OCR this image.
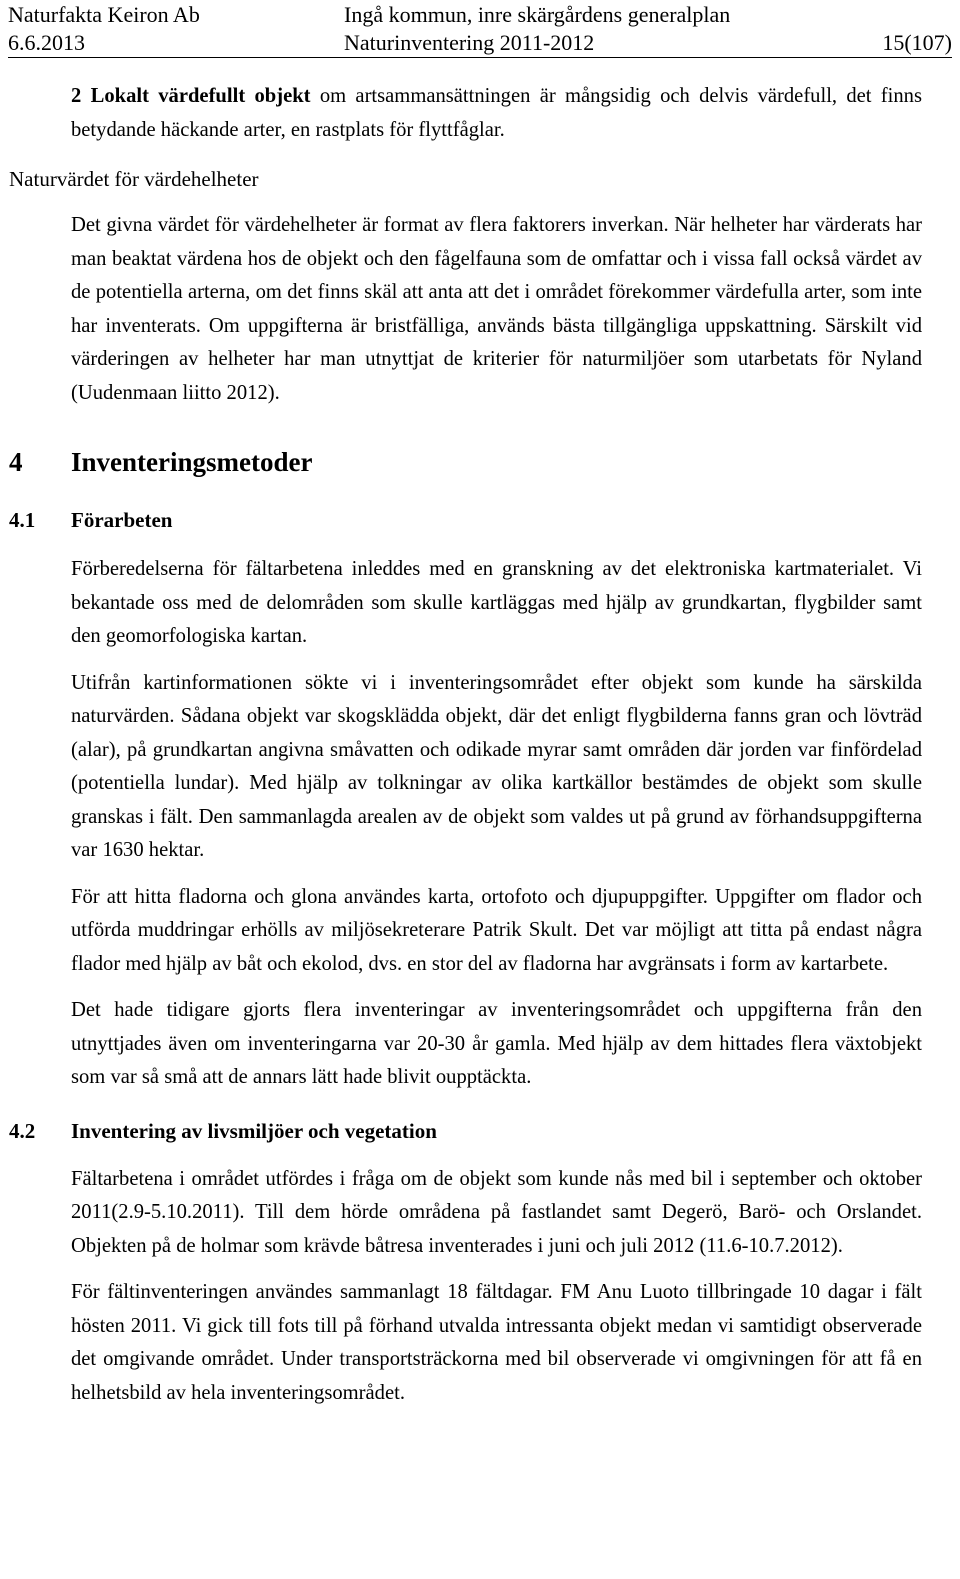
Naturfakta Keiron Ab
6.6.2013
Ingå kommun, inre skärgårdens generalplan
Naturinventering 2011-2012	15(107)

2 Lokalt värdefullt objekt om artsammansättningen är mångsidig och delvis värdefull, det finns betydande häckande arter, en rastplats för flyttfåglar.

Naturvärdet för värdehelheter

Det givna värdet för värdehelheter är format av flera faktorers inverkan. När helheter har värderats har man beaktat värdena hos de objekt och den fågelfauna som de omfattar och i vissa fall också värdet av de potentiella arterna, om det finns skäl att anta att det i området förekommer värdefulla arter, som inte har inventerats. Om uppgifterna är bristfälliga, används bästa tillgängliga uppskattning. Särskilt vid värderingen av helheter har man utnyttjat de kriterier för naturmiljöer som utarbetats för Nyland (Uudenmaan liitto 2012).

4 Inventeringsmetoder
4.1 Förarbeten

Förberedelserna för fältarbetena inleddes med en granskning av det elektroniska kartmaterialet. Vi bekantade oss med de delområden som skulle kartläggas med hjälp av grundkartan, flygbilder samt den geomorfologiska kartan.

Utifrån kartinformationen sökte vi i inventeringsområdet efter objekt som kunde ha särskilda naturvärden. Sådana objekt var skogsklädda objekt, där det enligt flygbilderna fanns gran och lövträd (alar), på grundkartan angivna småvatten och odikade myrar samt områden där jorden var finfördelad (potentiella lundar). Med hjälp av tolkningar av olika kartkällor bestämdes de objekt som skulle granskas i fält. Den sammanlagda arealen av de objekt som valdes ut på grund av förhandsuppgifterna var 1630 hektar.

För att hitta fladorna och glona användes karta, ortofoto och djupuppgifter. Uppgifter om flador och utförda muddringar erhölls av miljösekreterare Patrik Skult. Det var möjligt att titta på endast några flador med hjälp av båt och ekolod, dvs. en stor del av fladorna har avgränsats i form av kartarbete.

Det hade tidigare gjorts flera inventeringar av inventeringsområdet och uppgifterna från den utnyttjades även om inventeringarna var 20-30 år gamla. Med hjälp av dem hittades flera växtobjekt som var så små att de annars lätt hade blivit oupptäckta.

4.2 Inventering av livsmiljöer och vegetation

Fältarbetena i området utfördes i fråga om de objekt som kunde nås med bil i september och oktober 2011(2.9-5.10.2011). Till dem hörde områdena på fastlandet samt Degerö, Barö- och Orslandet. Objekten på de holmar som krävde båtresa inventerades i juni och juli 2012 (11.6-10.7.2012).

För fältinventeringen användes sammanlagt 18 fältdagar. FM Anu Luoto tillbringade 10 dagar i fält hösten 2011. Vi gick till fots till på förhand utvalda intressanta objekt medan vi samtidigt observerade det omgivande området. Under transportsträckorna med bil observerade vi omgivningen för att få en helhetsbild av hela inventeringsområdet.
